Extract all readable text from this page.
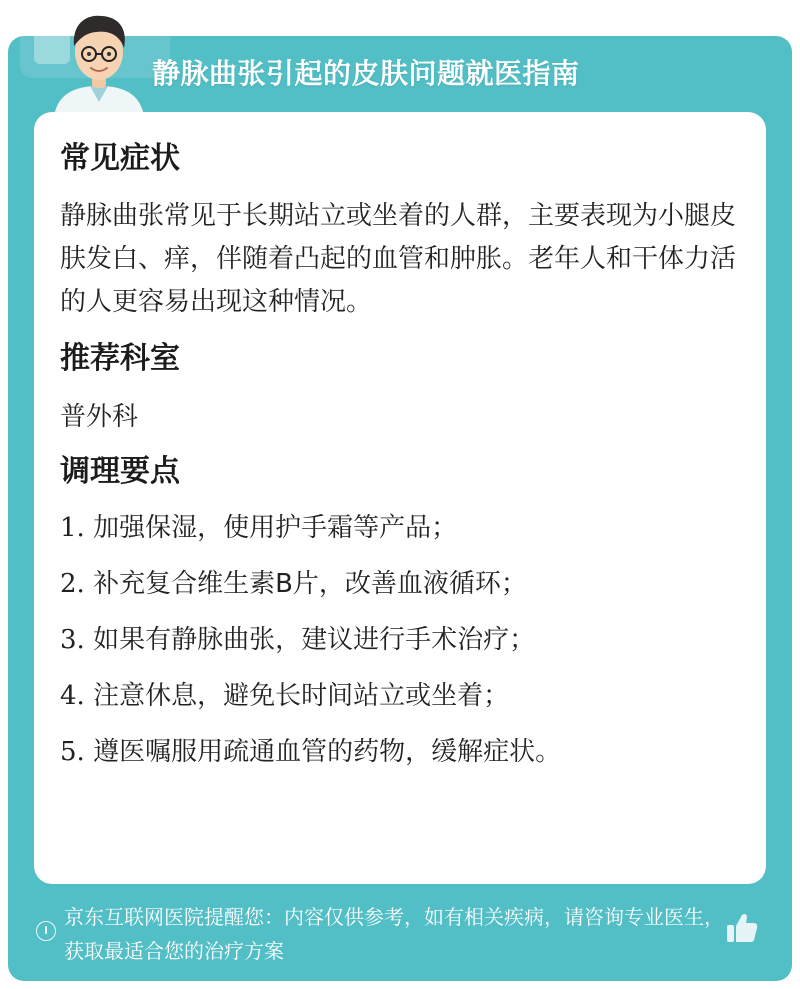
静脉曲张引起的皮肤问题就医指南
常见症状
静脉曲张常见于长期站立或坐着的人群，主要表现为小腿皮肤发白、痒，伴随着凸起的血管和肿胀。老年人和干体力活的人更容易出现这种情况。
推荐科室
普外科
调理要点
1. 加强保湿，使用护手霜等产品；
2. 补充复合维生素B片，改善血液循环；
3. 如果有静脉曲张，建议进行手术治疗；
4. 注意休息，避免长时间站立或坐着；
5. 遵医嘱服用疏通血管的药物，缓解症状。
京东互联网医院提醒您：内容仅供参考，如有相关疾病，请咨询专业医生，获取最适合您的治疗方案
